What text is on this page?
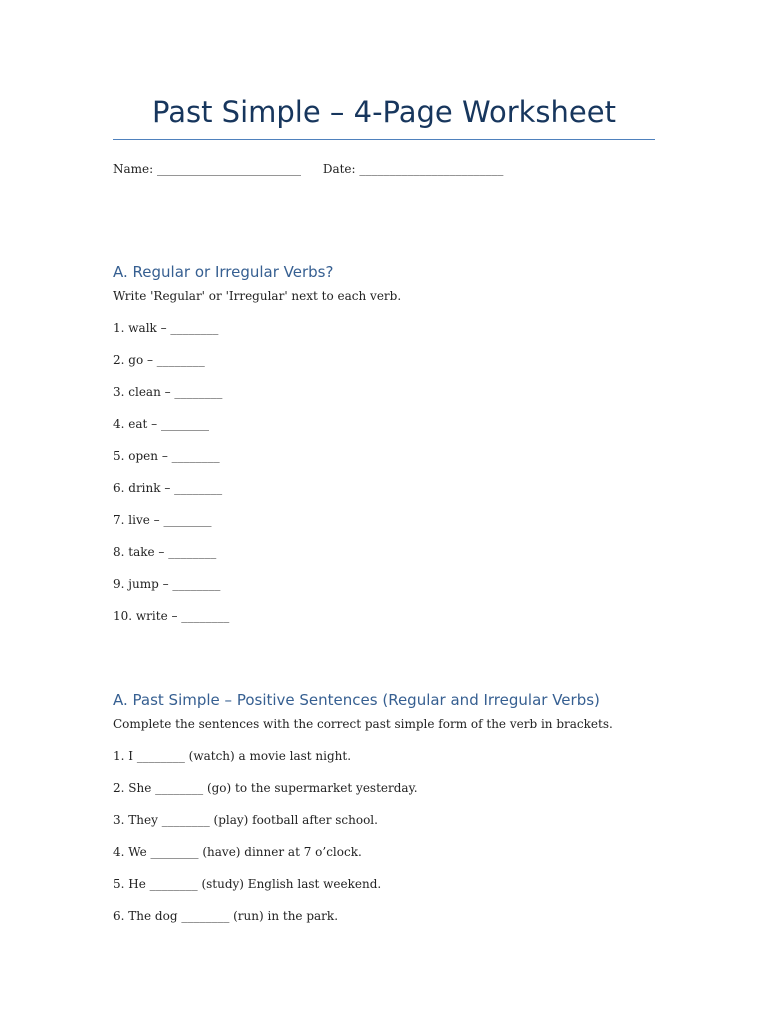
Past Simple – 4-Page Worksheet
Name: ________________________ Date: ________________________
A. Regular or Irregular Verbs?
Write 'Regular' or 'Irregular' next to each verb.
1. walk – ________
2. go – ________
3. clean – ________
4. eat – ________
5. open – ________
6. drink – ________
7. live – ________
8. take – ________
9. jump – ________
10. write – ________
A. Past Simple – Positive Sentences (Regular and Irregular Verbs)
Complete the sentences with the correct past simple form of the verb in brackets.
1. I ________ (watch) a movie last night.
2. She ________ (go) to the supermarket yesterday.
3. They ________ (play) football after school.
4. We ________ (have) dinner at 7 o’clock.
5. He ________ (study) English last weekend.
6. The dog ________ (run) in the park.
